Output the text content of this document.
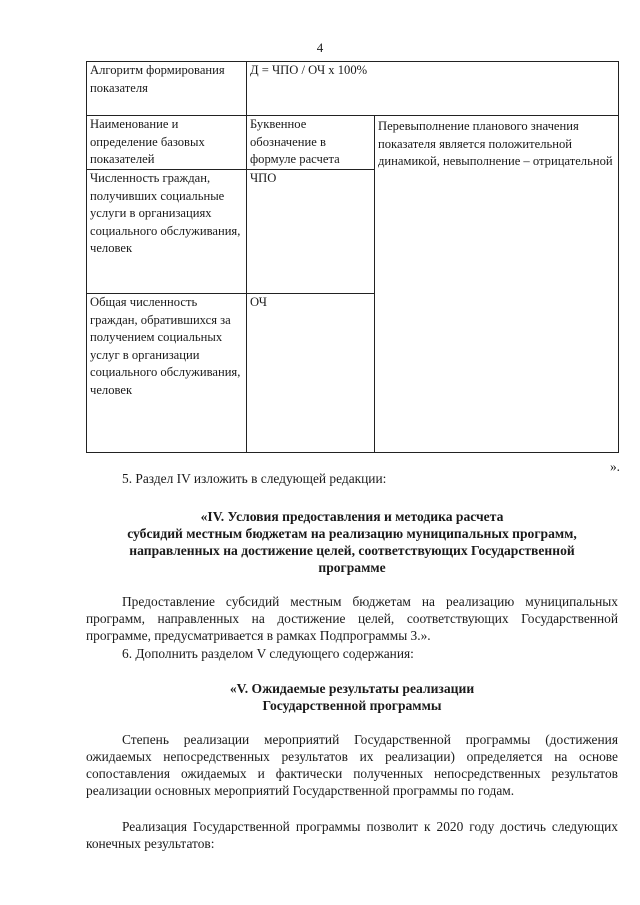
4
Алгоритм формирования показателя	Д = ЧПО / ОЧ х 100%	
Наименование и определение базовых показателей	Буквенное обозначение в формуле расчета	Перевыполнение планового значения показателя является положительной динамикой, невыполнение – отрицательной
Численность граждан, получивших социальные услуги в организациях социального обслуживания, человек	ЧПО	
Общая численность граждан, обратившихся за получением социальных услуг в организации социального обслуживания, человек	ОЧ	
».
5. Раздел IV изложить в следующей редакции:
«IV. Условия предоставления и методика расчета
субсидий местным бюджетам на реализацию муниципальных программ,
направленных на достижение целей, соответствующих Государственной
программе
Предоставление субсидий местным бюджетам на реализацию муниципальных программ, направленных на достижение целей, соответствующих Государственной программе, предусматривается в рамках Подпрограммы 3.».
6. Дополнить разделом V следующего содержания:
«V. Ожидаемые результаты реализации
Государственной программы
Степень реализации мероприятий Государственной программы (достижения ожидаемых непосредственных результатов их реализации) определяется на основе сопоставления ожидаемых и фактически полученных непосредственных результатов реализации основных мероприятий Государственной программы по годам.
Реализация Государственной программы позволит к 2020 году достичь следующих конечных результатов:
